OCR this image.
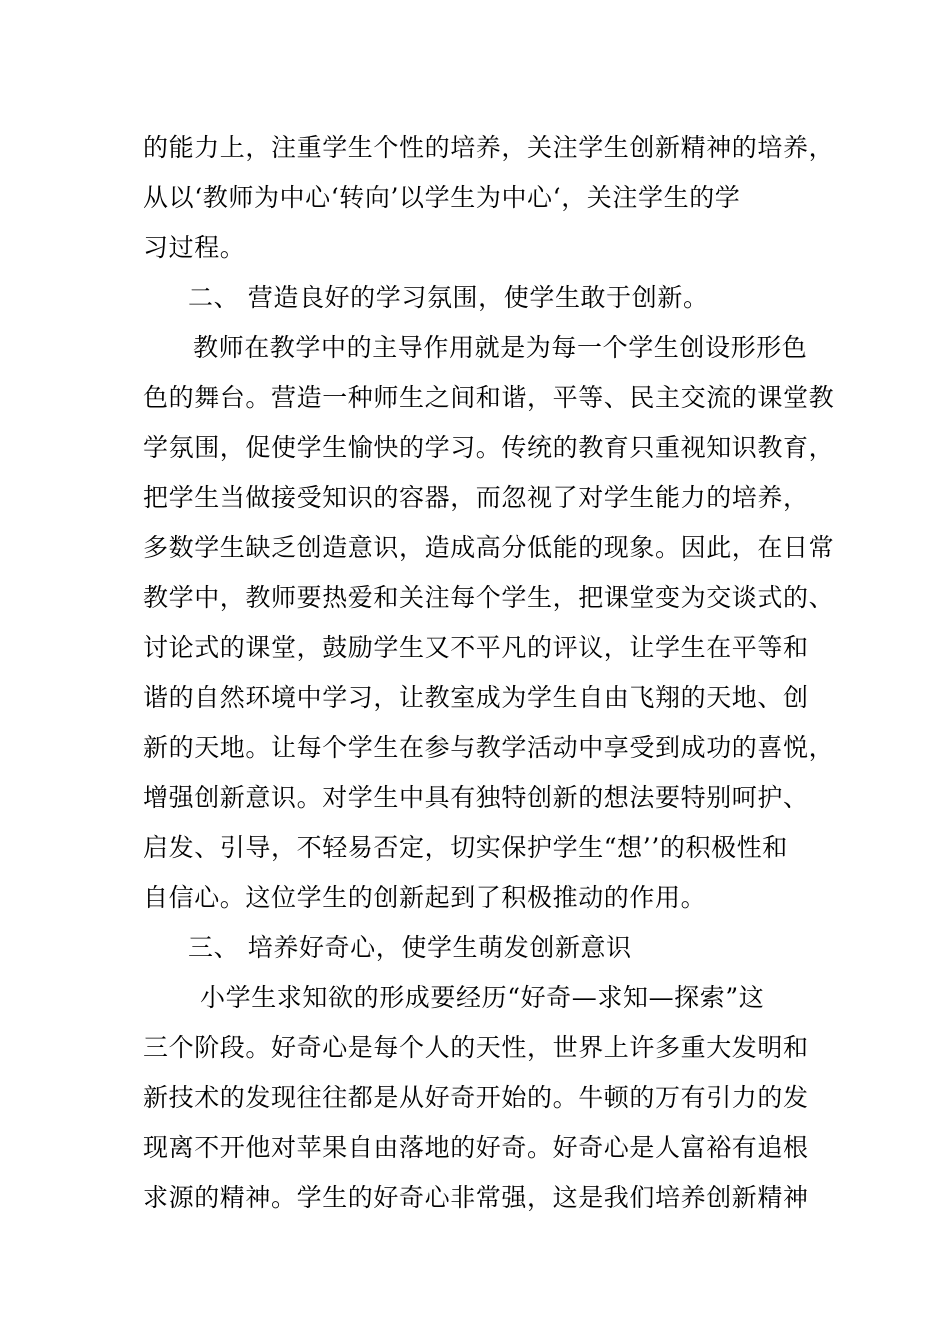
的能力上，注重学生个性的培养，关注学生创新精神的培养，
从以‘教师为中心‘转向’以学生为中心‘，关注学生的学
习过程。
二、 营造良好的学习氛围，使学生敢于创新。
教师在教学中的主导作用就是为每一个学生创设形形色
色的舞台。营造一种师生之间和谐，平等、民主交流的课堂教
学氛围，促使学生愉快的学习。传统的教育只重视知识教育，
把学生当做接受知识的容器，而忽视了对学生能力的培养，
多数学生缺乏创造意识，造成高分低能的现象。因此，在日常
教学中，教师要热爱和关注每个学生，把课堂变为交谈式的、
讨论式的课堂，鼓励学生又不平凡的评议，让学生在平等和
谐的自然环境中学习，让教室成为学生自由飞翔的天地、创
新的天地。让每个学生在参与教学活动中享受到成功的喜悦，
增强创新意识。对学生中具有独特创新的想法要特别呵护、
启发、引导，不轻易否定，切实保护学生“想’’的积极性和
自信心。这位学生的创新起到了积极推动的作用。
三、 培养好奇心，使学生萌发创新意识
小学生求知欲的形成要经历“好奇—求知—探索”这
三个阶段。好奇心是每个人的天性，世界上许多重大发明和
新技术的发现往往都是从好奇开始的。牛顿的万有引力的发
现离不开他对苹果自由落地的好奇。好奇心是人富裕有追根
求源的精神。学生的好奇心非常强，这是我们培养创新精神
